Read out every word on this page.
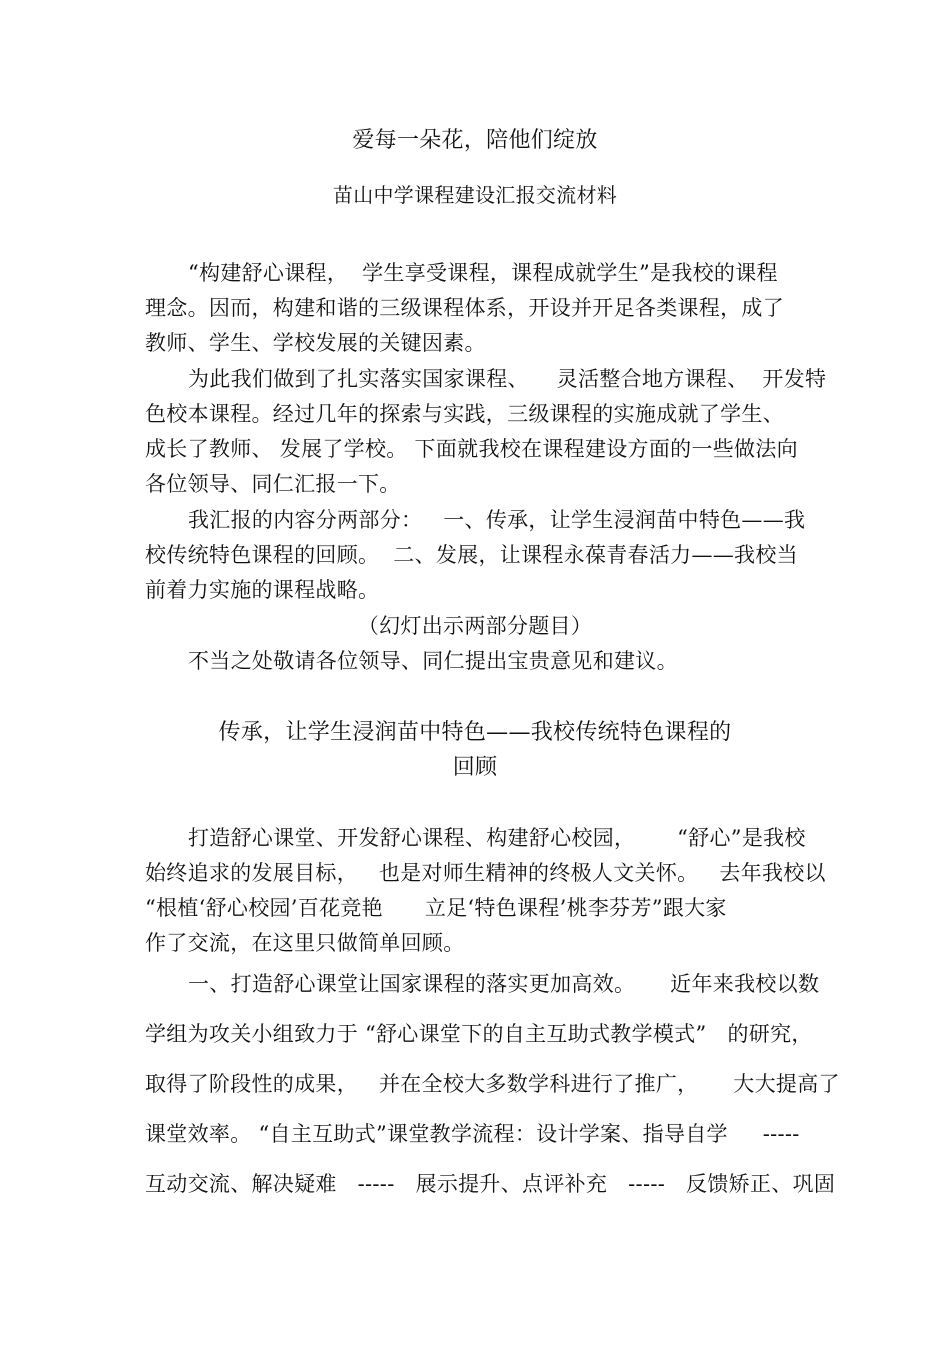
爱每一朵花，陪他们绽放
苗山中学课程建设汇报交流材料
“构建舒心课程，  学生享受课程，课程成就学生”是我校的课程
理念。因而，构建和谐的三级课程体系，开设并开足各类课程，成了
教师、学生、学校发展的关键因素。
为此我们做到了扎实落实国家课程、    灵活整合地方课程、  开发特
色校本课程。经过几年的探索与实践，三级课程的实施成就了学生、
成长了教师、 发展了学校。 下面就我校在课程建设方面的一些做法向
各位领导、同仁汇报一下。
我汇报的内容分两部分：   一、传承，让学生浸润苗中特色——我
校传统特色课程的回顾。  二、发展，让课程永葆青春活力——我校当
前着力实施的课程战略。
（幻灯出示两部分题目）
不当之处敬请各位领导、同仁提出宝贵意见和建议。
传承，让学生浸润苗中特色——我校传统特色课程的
回顾
打造舒心课堂、开发舒心课程、构建舒心校园，      “舒心”是我校
始终追求的发展目标，   也是对师生精神的终极人文关怀。   去年我校以
“根植‘舒心校园’百花竞艳      立足‘特色课程’桃李芬芳”跟大家
作了交流，在这里只做简单回顾。
一、打造舒心课堂让国家课程的落实更加高效。     近年来我校以数
学组为攻关小组致力于 “舒心课堂下的自主互助式教学模式”   的研究，
取得了阶段性的成果，   并在全校大多数学科进行了推广，     大大提高了
课堂效率。 “自主互助式”课堂教学流程：设计学案、指导自学     -----
互动交流、解决疑难   -----   展示提升、点评补充   -----   反馈矫正、巩固
